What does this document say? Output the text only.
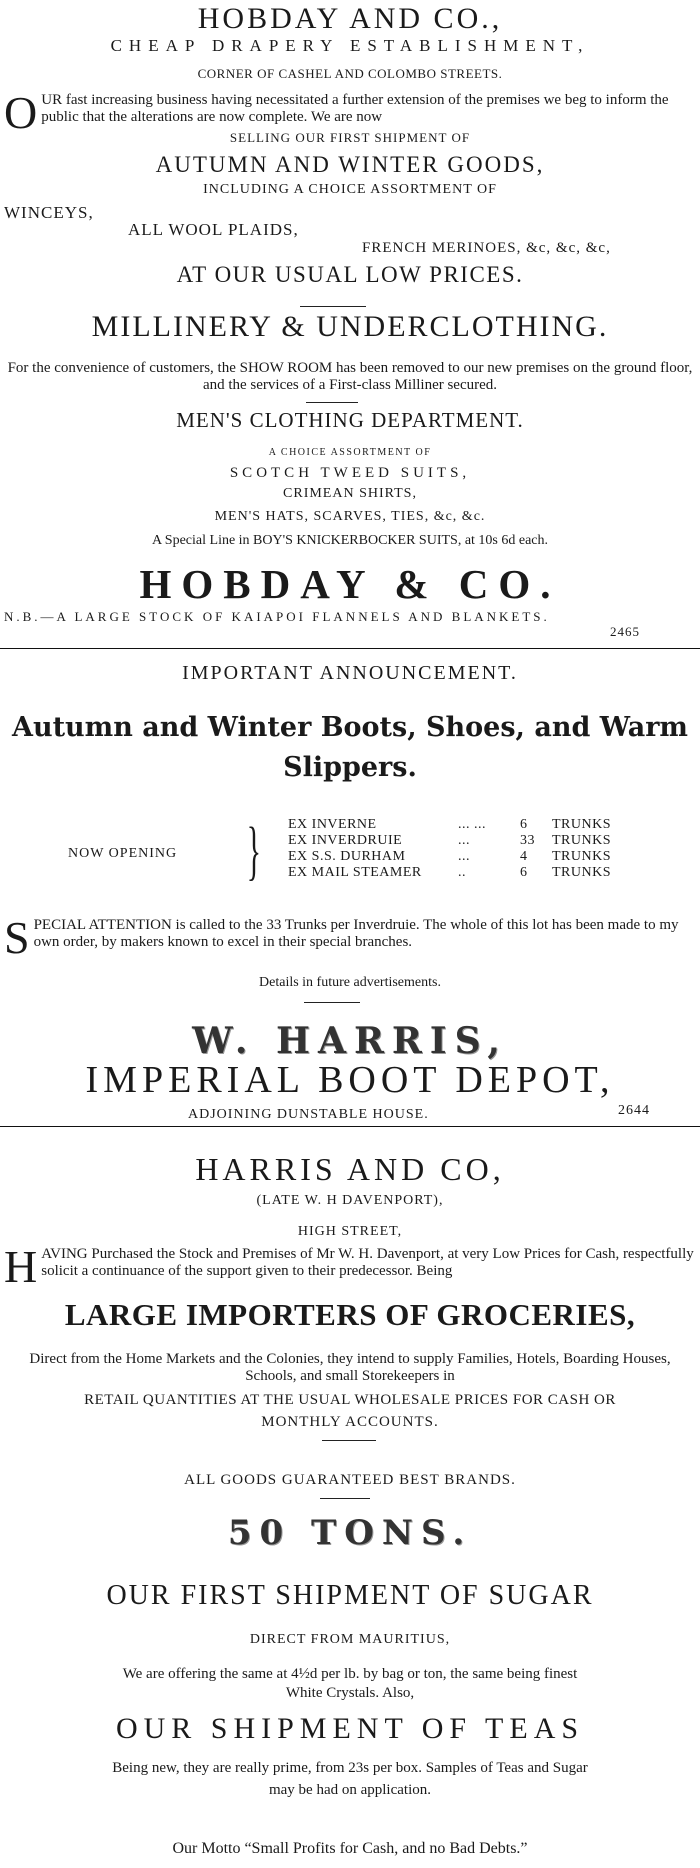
HOBDAY AND CO.,
CHEAP DRAPERY ESTABLISHMENT,
CORNER OF CASHEL AND COLOMBO STREETS.
O UR fast increasing business having necessitated a further extension of the premises we beg to inform the public that the alterations are now complete. We are now
SELLING OUR FIRST SHIPMENT OF
AUTUMN AND WINTER GOODS,
INCLUDING A CHOICE ASSORTMENT OF
WINCEYS,
ALL WOOL PLAIDS,
FRENCH MERINOES, &c, &c, &c,
AT OUR USUAL LOW PRICES.
MILLINERY & UNDERCLOTHING.
For the convenience of customers, the SHOW ROOM has been removed to our new premises on the ground floor, and the services of a First-class Milliner secured.
MEN'S CLOTHING DEPARTMENT.
A CHOICE ASSORTMENT OF
SCOTCH TWEED SUITS,
CRIMEAN SHIRTS,
MEN'S HATS, SCARVES, TIES, &c, &c.
A Special Line in BOY'S KNICKERBOCKER SUITS, at 10s 6d each.
HOBDAY & CO.
N.B.—A LARGE STOCK OF KAIAPOI FLANNELS AND BLANKETS.
2465
IMPORTANT ANNOUNCEMENT.
Autumn and Winter Boots, Shoes, and Warm
Slippers.
NOW OPENING } EX INVERNE	... ... 6 TRUNKS
EX INVERDRUIE	...	33 TRUNKS
EX S.S. DURHAM	...	4 TRUNKS
EX MAIL STEAMER	..	6 TRUNKS
S PECIAL ATTENTION is called to the 33 Trunks per Inverdruie. The whole of this lot has been made to my own order, by makers known to excel in their special branches.
Details in future advertisements.
W. HARRIS,
IMPERIAL BOOT DEPOT,
ADJOINING DUNSTABLE HOUSE.	2644
HARRIS AND CO,
(LATE W. H DAVENPORT),
HIGH STREET,
H AVING Purchased the Stock and Premises of Mr W. H. Davenport, at very Low Prices for Cash, respectfully solicit a continuance of the support given to their predecessor. Being
LARGE IMPORTERS OF GROCERIES,
Direct from the Home Markets and the Colonies, they intend to supply Families, Hotels, Boarding Houses, Schools, and small Storekeepers in
RETAIL QUANTITIES AT THE USUAL WHOLESALE PRICES FOR CASH OR
MONTHLY ACCOUNTS.
ALL GOODS GUARANTEED BEST BRANDS.
50 TONS.
OUR FIRST SHIPMENT OF SUGAR
DIRECT FROM MAURITIUS,
We are offering the same at 4½d per lb. by bag or ton, the same being finest
White Crystals. Also,
OUR SHIPMENT OF TEAS
Being new, they are really prime, from 23s per box. Samples of Teas and Sugar
may be had on application.
Our Motto “Small Profits for Cash, and no Bad Debts.”
